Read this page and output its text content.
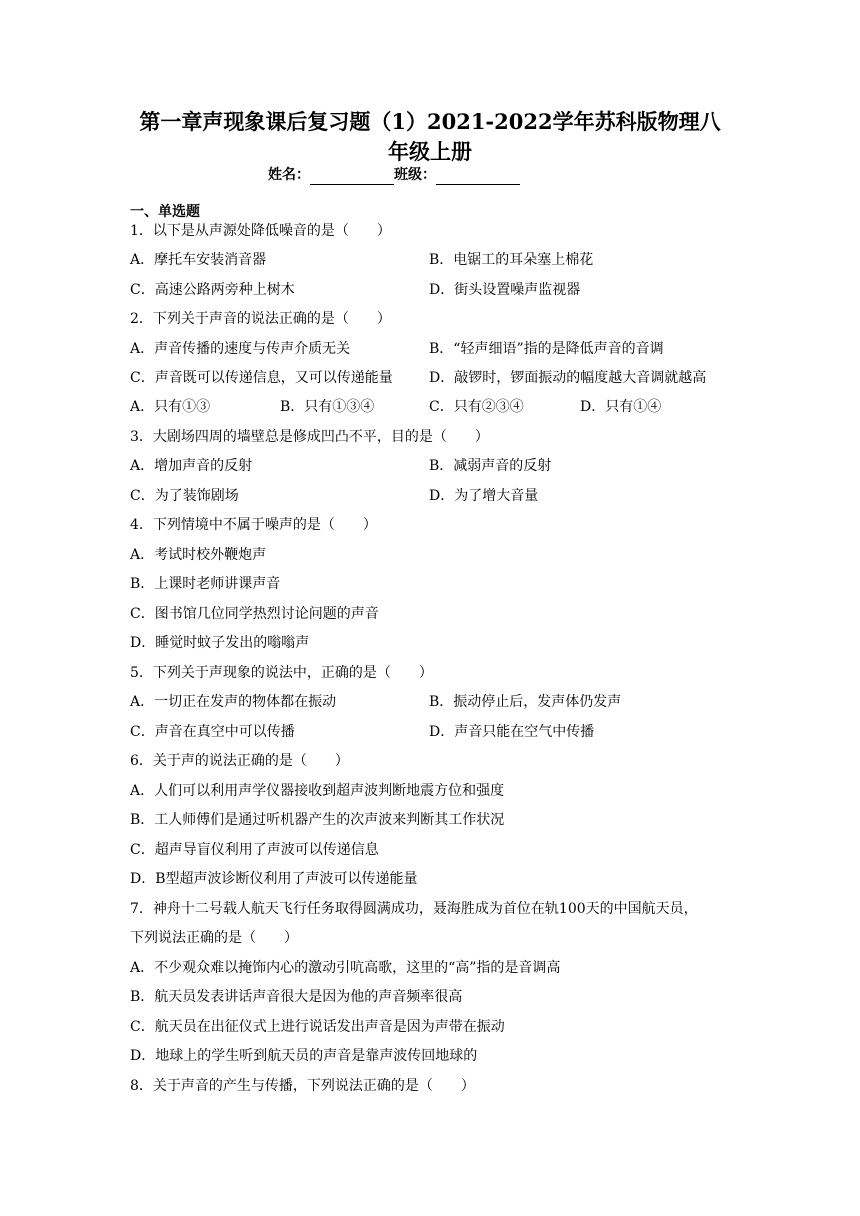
第一章声现象课后复习题（1）2021-2022学年苏科版物理八
年级上册
姓名：	班级：
一、单选题
1．以下是从声源处降低噪音的是（　　）
A．摩托车安装消音器	B．电锯工的耳朵塞上棉花
C．高速公路两旁种上树木	D．街头设置噪声监视器
2．下列关于声音的说法正确的是（　　）
A．声音传播的速度与传声介质无关	B．“轻声细语”指的是降低声音的音调
C．声音既可以传递信息，又可以传递能量	D．敲锣时，锣面振动的幅度越大音调就越高
A．只有①③	B．只有①③④	C．只有②③④	D．只有①④
3．大剧场四周的墙壁总是修成凹凸不平，目的是（　　）
A．增加声音的反射	B．减弱声音的反射
C．为了装饰剧场	D．为了增大音量
4．下列情境中不属于噪声的是（　　）
A．考试时校外鞭炮声
B．上课时老师讲课声音
C．图书馆几位同学热烈讨论问题的声音
D．睡觉时蚊子发出的嗡嗡声
5．下列关于声现象的说法中，正确的是（　　）
A．一切正在发声的物体都在振动	B．振动停止后，发声体仍发声
C．声音在真空中可以传播	D．声音只能在空气中传播
6．关于声的说法正确的是（　　）
A．人们可以利用声学仪器接收到超声波判断地震方位和强度
B．工人师傅们是通过听机器产生的次声波来判断其工作状况
C．超声导盲仪利用了声波可以传递信息
D．B型超声波诊断仪利用了声波可以传递能量
7．神舟十二号载人航天飞行任务取得圆满成功，聂海胜成为首位在轨100天的中国航天员，
下列说法正确的是（　　）
A．不少观众难以掩饰内心的激动引吭高歌，这里的“高”指的是音调高
B．航天员发表讲话声音很大是因为他的声音频率很高
C．航天员在出征仪式上进行说话发出声音是因为声带在振动
D．地球上的学生听到航天员的声音是靠声波传回地球的
8．关于声音的产生与传播，下列说法正确的是（　　）
